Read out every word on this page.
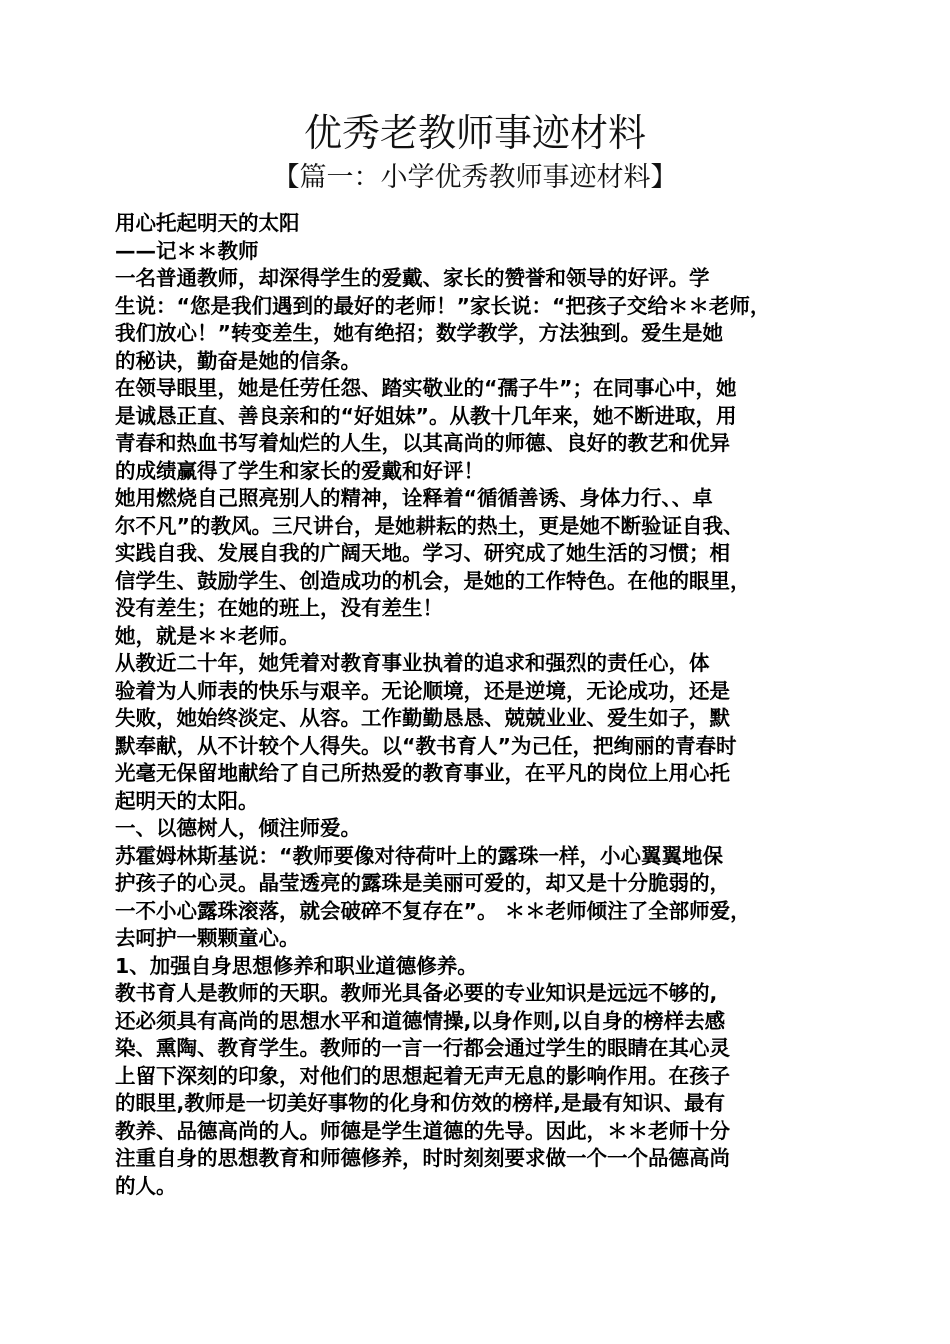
优秀老教师事迹材料
【篇一：小学优秀教师事迹材料】
用心托起明天的太阳
——记＊＊教师
一名普通教师，却深得学生的爱戴、家长的赞誉和领导的好评。学
生说：“您是我们遇到的最好的老师！”家长说：“把孩子交给＊＊老师，
我们放心！”转变差生，她有绝招；数学教学，方法独到。爱生是她
的秘诀，勤奋是她的信条。
在领导眼里，她是任劳任怨、踏实敬业的“孺子牛”；在同事心中，她
是诚恳正直、善良亲和的“好姐妹”。从教十几年来，她不断进取，用
青春和热血书写着灿烂的人生，以其高尚的师德、良好的教艺和优异
的成绩赢得了学生和家长的爱戴和好评！
她用燃烧自己照亮别人的精神，诠释着“循循善诱、身体力行、、卓
尔不凡”的教风。三尺讲台，是她耕耘的热土，更是她不断验证自我、
实践自我、发展自我的广阔天地。学习、研究成了她生活的习惯；相
信学生、鼓励学生、创造成功的机会，是她的工作特色。在他的眼里，
没有差生；在她的班上，没有差生！
她，就是＊＊老师。
从教近二十年，她凭着对教育事业执着的追求和强烈的责任心，体
验着为人师表的快乐与艰辛。无论顺境，还是逆境，无论成功，还是
失败，她始终淡定、从容。工作勤勤恳恳、兢兢业业、爱生如子，默
默奉献，从不计较个人得失。以“教书育人”为己任，把绚丽的青春时
光毫无保留地献给了自己所热爱的教育事业，在平凡的岗位上用心托
起明天的太阳。
一、以德树人，倾注师爱。
苏霍姆林斯基说：“教师要像对待荷叶上的露珠一样，小心翼翼地保
护孩子的心灵。晶莹透亮的露珠是美丽可爱的，却又是十分脆弱的，
一不小心露珠滚落，就会破碎不复存在”。 ＊＊老师倾注了全部师爱，
去呵护一颗颗童心。
1、加强自身思想修养和职业道德修养。
教书育人是教师的天职。教师光具备必要的专业知识是远远不够的,
还必须具有高尚的思想水平和道德情操,以身作则,以自身的榜样去感
染、熏陶、教育学生。教师的一言一行都会通过学生的眼睛在其心灵
上留下深刻的印象，对他们的思想起着无声无息的影响作用。在孩子
的眼里,教师是一切美好事物的化身和仿效的榜样,是最有知识、最有
教养、品德高尚的人。师德是学生道德的先导。因此，＊＊老师十分
注重自身的思想教育和师德修养，时时刻刻要求做一个一个品德高尚
的人。
